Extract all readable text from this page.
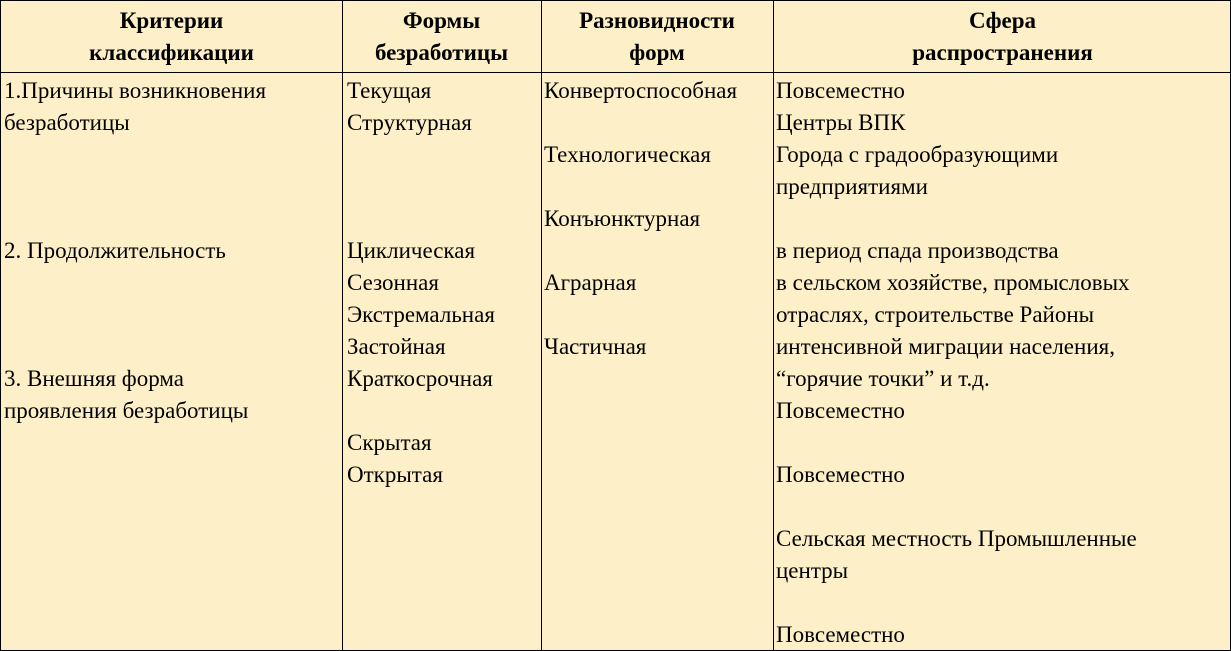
Критерии
классификации
Формы
безработицы
Разновидности
форм
Сфера
распространения
1.Причины возникновения
безработицы
2. Продолжительность
3. Внешняя форма
проявления безработицы
Текущая
Структурная
Циклическая
Сезонная
Экстремальная
Застойная
Краткосрочная
Скрытая
Открытая
Конвертоспособная
Технологическая
Конъюнктурная
Аграрная
Частичная
Повсеместно
Центры ВПК
Города с градообразующими
предприятиями
в период спада производства
в сельском хозяйстве, промысловых
отраслях, строительстве Районы
интенсивной миграции населения,
“горячие точки” и т.д.
Повсеместно
Повсеместно
Сельская местность Промышленные
центры
Повсеместно
